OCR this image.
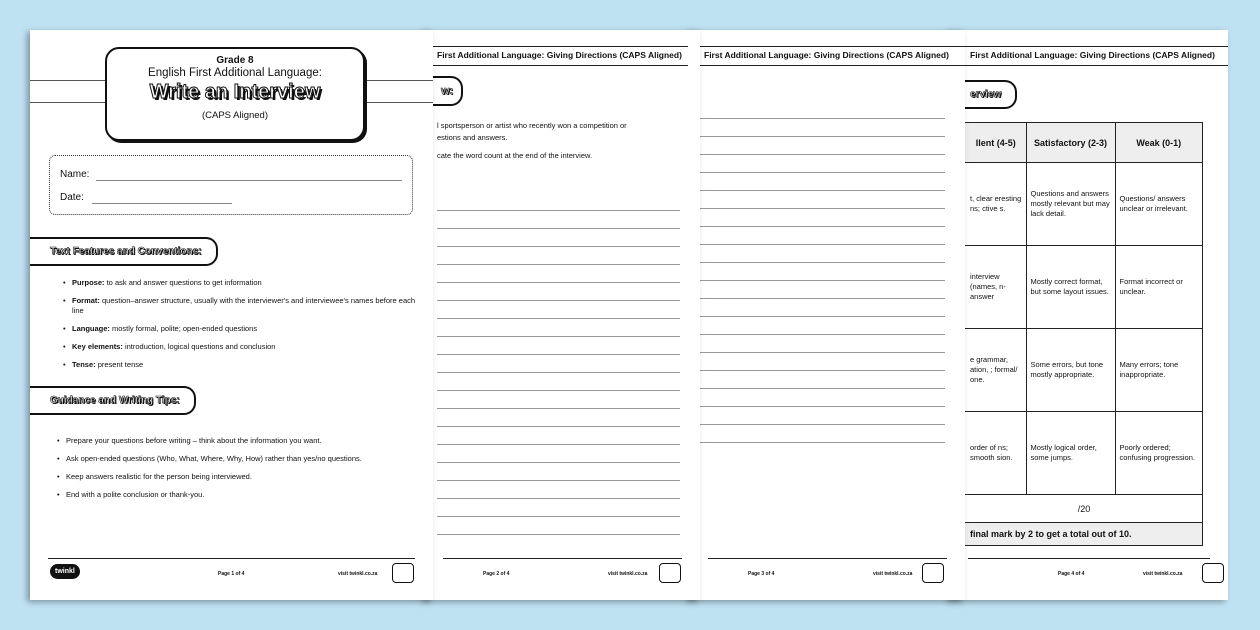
First Additional Language: Giving Directions (CAPS Aligned)
erview
llent (4-5)	Satisfactory (2-3)	Weak (0-1)
t, clear eresting ns; ctive s.	Questions and answers mostly relevant but may lack detail.	Questions/ answers unclear or irrelevant.
interview (names, n-answer	Mostly correct format, but some layout issues.	Format incorrect or unclear.
e grammar, ation, ; formal/ one.	Some errors, but tone mostly appropriate.	Many errors; tone inappropriate.
order of ns; smooth sion.	Mostly logical order, some jumps.	Poorly ordered; confusing progression.
/20		
final mark by 2 to get a total out of 10.		
Page 4 of 4	visit twinkl.co.za
First Additional Language: Giving Directions (CAPS Aligned)
Page 3 of 4	visit twinkl.co.za
First Additional Language: Giving Directions (CAPS Aligned)
w:
l sportsperson or artist who recently won a competition or
estions and answers.
cate the word count at the end of the interview.
Page 2 of 4	visit twinkl.co.za
Grade 8
English First Additional Language:
Write an Interview
(CAPS Aligned)
Name:
Date:
Text Features and Conventions:
• Purpose: to ask and answer questions to get information
• Format: question–answer structure, usually with the interviewer's and interviewee's names before each line
• Language: mostly formal, polite; open-ended questions
• Key elements: introduction, logical questions and conclusion
• Tense: present tense
Guidance and Writing Tips:
• Prepare your questions before writing – think about the information you want.
• Ask open-ended questions (Who, What, Where, Why, How) rather than yes/no questions.
• Keep answers realistic for the person being interviewed.
• End with a polite conclusion or thank-you.
twinkl	Page 1 of 4	visit twinkl.co.za
